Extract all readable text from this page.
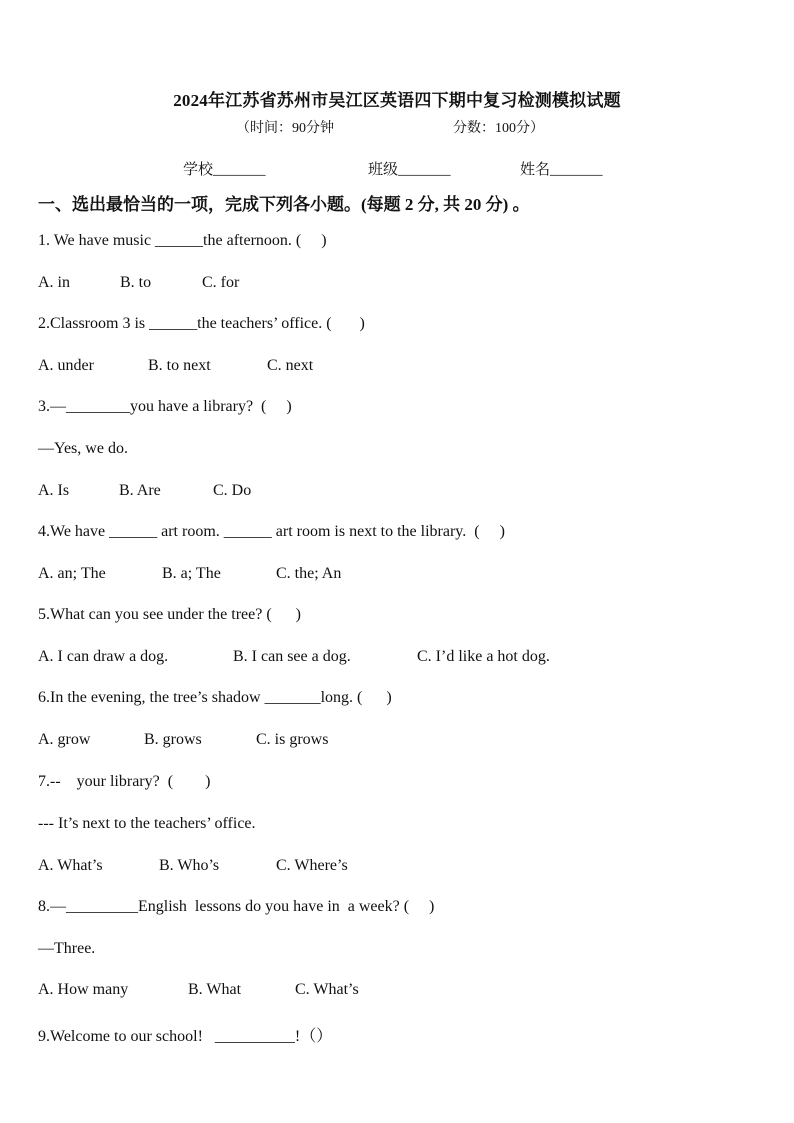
2024年江苏省苏州市吴江区英语四下期中复习检测模拟试题
（时间：90分钟	分数：100分）
学校_______	班级_______	姓名_______
一、选出最恰当的一项，完成下列各小题。(每题 2 分, 共 20 分) 。
1. We have music ______the afternoon. (     )
A. in	B. to	C. for
2.Classroom 3 is ______the teachers’ office. (       )
A. under	B. to next	C. next
3.—________you have a library?  (     )
—Yes, we do.
A. Is	B. Are	C. Do
4.We have ______ art room. ______ art room is next to the library.  (     )
A. an; The	B. a; The	C. the; An
5.What can you see under the tree? (      )
A. I can draw a dog.	B. I can see a dog.	C. I’d like a hot dog.
6.In the evening, the tree’s shadow _______long. (      )
A. grow	B. grows	C. is grows
7.--    your library?  (        )
--- It’s next to the teachers’ office.
A. What’s	B. Who’s	C. Where’s
8.—_________English  lessons do you have in  a week? (     )
—Three.
A. How many	B. What	C. What’s
9.Welcome to our school!   __________!（）
